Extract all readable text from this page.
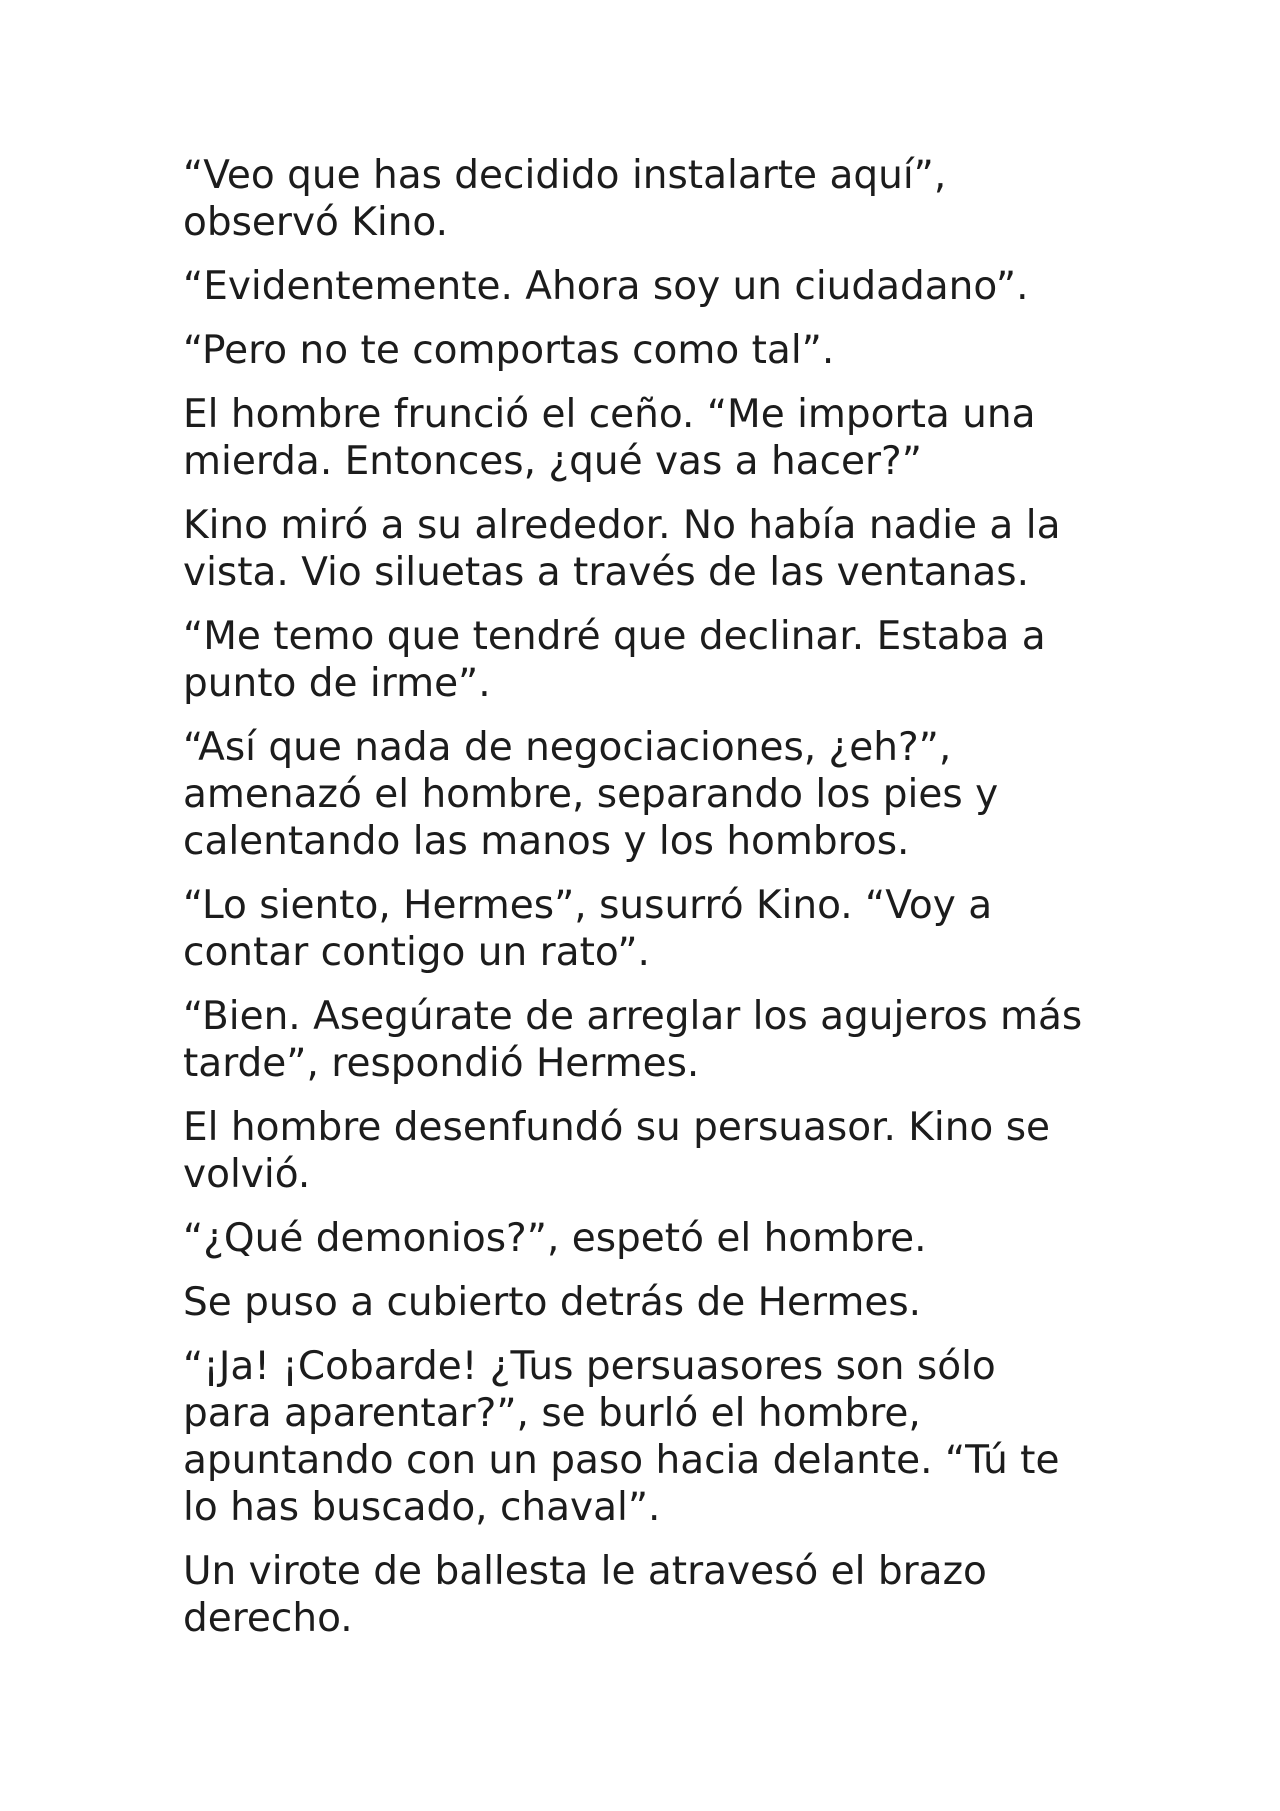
“Veo que has decidido instalarte aquí”,
observó Kino.

“Evidentemente. Ahora soy un ciudadano”.

“Pero no te comportas como tal”.

El hombre frunció el ceño. “Me importa una
mierda. Entonces, ¿qué vas a hacer?”

Kino miró a su alrededor. No había nadie a la
vista. Vio siluetas a través de las ventanas.

“Me temo que tendré que declinar. Estaba a
punto de irme”.

“Así que nada de negociaciones, ¿eh?”,
amenazó el hombre, separando los pies y
calentando las manos y los hombros.

“Lo siento, Hermes”, susurró Kino. “Voy a
contar contigo un rato”.

“Bien. Asegúrate de arreglar los agujeros más
tarde”, respondió Hermes.

El hombre desenfundó su persuasor. Kino se
volvió.

“¿Qué demonios?”, espetó el hombre.

Se puso a cubierto detrás de Hermes.

“¡Ja! ¡Cobarde! ¿Tus persuasores son sólo
para aparentar?”, se burló el hombre,
apuntando con un paso hacia delante. “Tú te
lo has buscado, chaval”.

Un virote de ballesta le atravesó el brazo
derecho.
